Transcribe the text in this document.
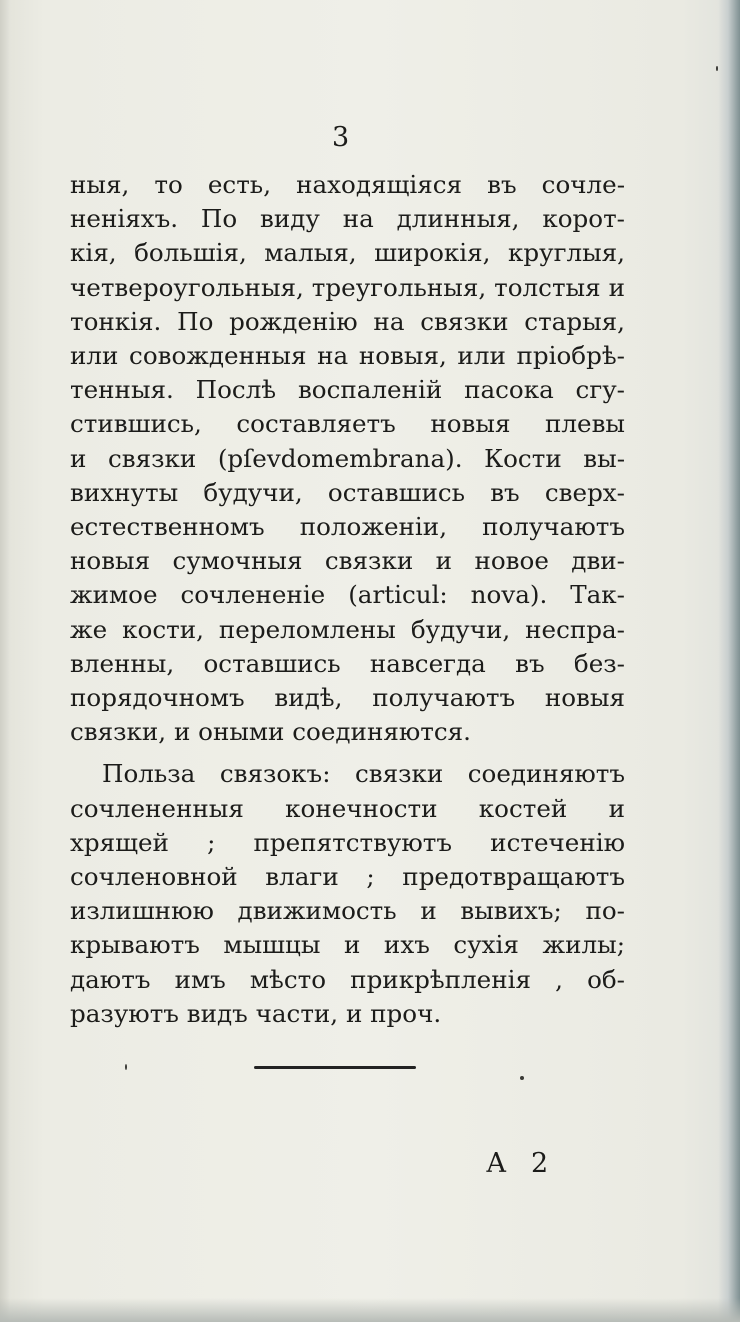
3
ныя, то есть, находящіяся въ сочле-
неніяхъ. По виду на длинныя, корот-
кія, большія, малыя, широкія, круглыя,
четвероугольныя, треугольныя, толстыя и
тонкія. По рожденію на связки старыя,
или совожденныя на новыя, или пріобрѣ-
тенныя. Послѣ воспаленій пасока сгу-
стившись, составляетъ новыя плевы
и связки (pſevdomembrana). Кости вы-
вихнуты будучи, оставшись въ сверх-
естественномъ положеніи, получаютъ
новыя сумочныя связки и новое дви-
жимое сочлененіе (articul: nova). Так-
же кости, переломлены будучи, неспра-
вленны, оставшись навсегда въ без-
порядочномъ видѣ, получаютъ новыя
связки, и оными соединяются.
Польза связокъ: связки соединяютъ
сочлененныя конечности костей и
хрящей ; препятствуютъ истеченію
сочленовной влаги ; предотвращаютъ
излишнюю движимость и вывихъ; по-
крываютъ мышцы и ихъ сухія жилы;
даютъ имъ мѣсто прикрѣпленія , об-
разуютъ видъ части, и проч.
А 2
